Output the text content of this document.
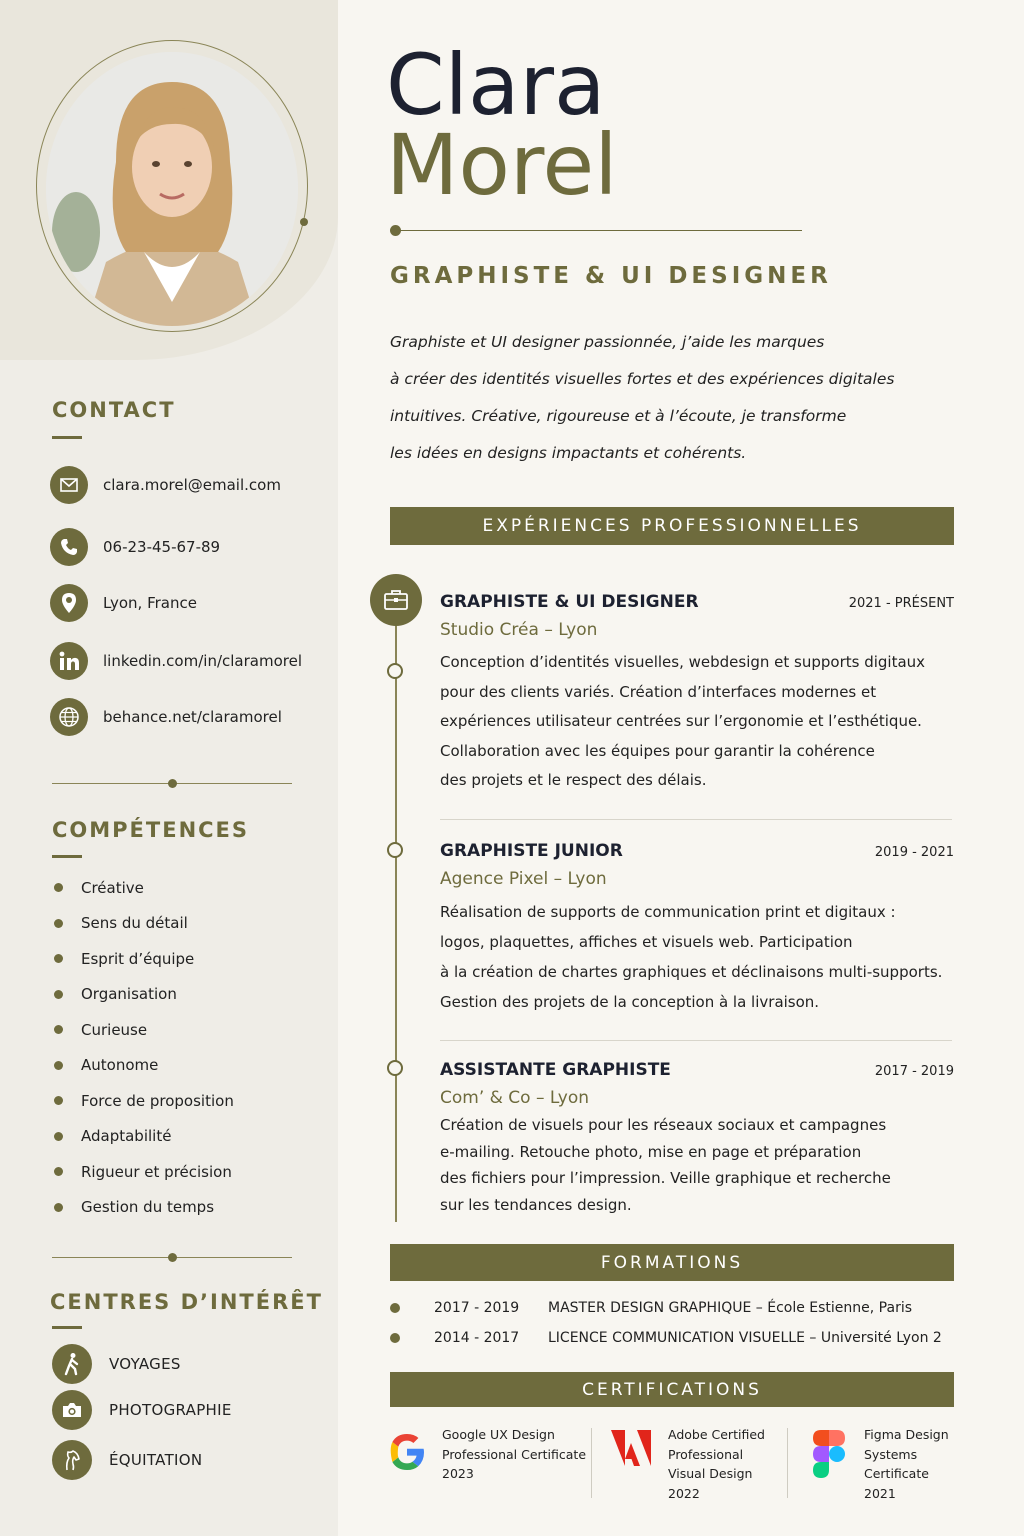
CONTACT
clara.morel@email.com
06-23-45-67-89
Lyon, France
linkedin.com/in/claramorel
behance.net/claramorel
COMPÉTENCES
Créative
Sens du détail
Esprit d’équipe
Organisation
Curieuse
Autonome
Force de proposition
Adaptabilité
Rigueur et précision
Gestion du temps
CENTRES D’INTÉRÊT
VOYAGES
PHOTOGRAPHIE
ÉQUITATION
Clara
Morel
GRAPHISTE & UI DESIGNER

Graphiste et UI designer passionnée, j’aide les marques

à créer des identités visuelles fortes et des expériences digitales

intuitives. Créative, rigoureuse et à l’écoute, je transforme

les idées en designs impactants et cohérents.

EXPÉRIENCES PROFESSIONNELLES
GRAPHISTE & UI DESIGNER	2021 - PRÉSENT
Studio Créa – Lyon
Conception d’identités visuelles, webdesign et supports digitaux
pour des clients variés. Création d’interfaces modernes et
expériences utilisateur centrées sur l’ergonomie et l’esthétique.
Collaboration avec les équipes pour garantir la cohérence
des projets et le respect des délais.
GRAPHISTE JUNIOR	2019 - 2021
Agence Pixel – Lyon
Réalisation de supports de communication print et digitaux :
logos, plaquettes, affiches et visuels web. Participation
à la création de chartes graphiques et déclinaisons multi-supports.
Gestion des projets de la conception à la livraison.
ASSISTANTE GRAPHISTE	2017 - 2019
Com’ & Co – Lyon
Création de visuels pour les réseaux sociaux et campagnes
e-mailing. Retouche photo, mise en page et préparation
des fichiers pour l’impression. Veille graphique et recherche
sur les tendances design.
FORMATIONS
2017 - 2019	MASTER DESIGN GRAPHIQUE – École Estienne, Paris
2014 - 2017	LICENCE COMMUNICATION VISUELLE – Université Lyon 2
CERTIFICATIONS
Google UX Design
Professional Certificate
2023
Adobe Certified
Professional
Visual Design
2022
Figma Design
Systems
Certificate
2021
